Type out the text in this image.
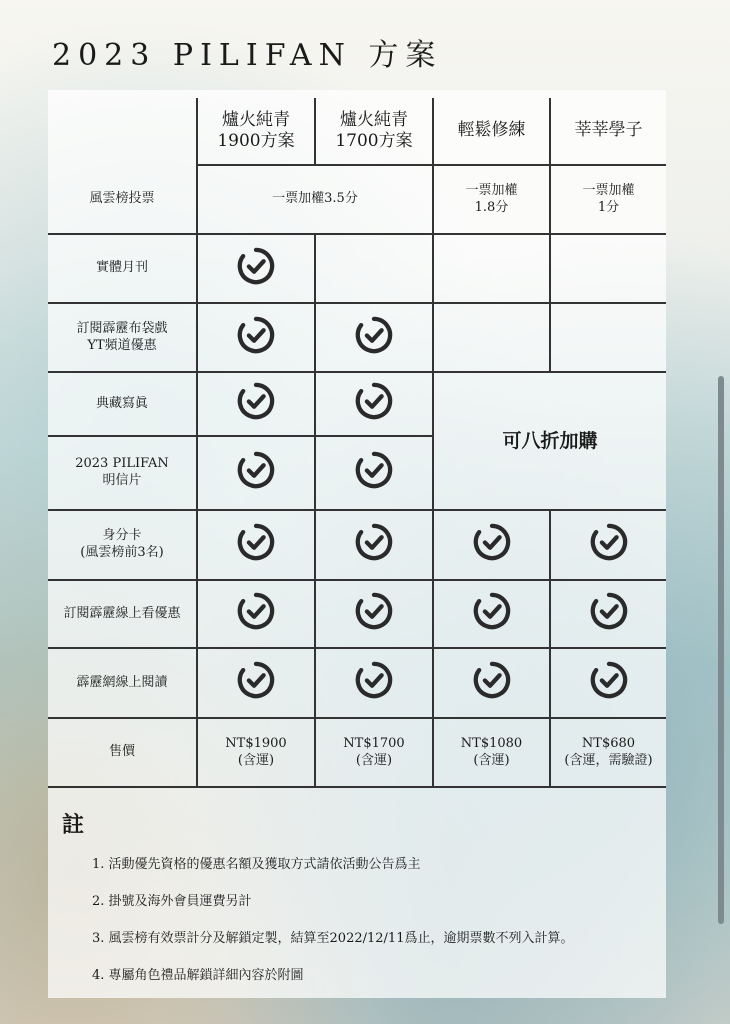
2023 PILIFAN 方案
爐火純青
1900方案
爐火純青
1700方案
輕鬆修練	莘莘學子
風雲榜投票	一票加權3.5分
一票加權
1.8分
一票加權
1分
實體月刊
訂閱霹靂布袋戲
YT頻道優惠
典藏寫眞
可八折加購
2023 PILIFAN
明信片
身分卡
(風雲榜前3名)
訂閱霹靂線上看優惠
霹靂網線上閱讀
售價
NT$1900
(含運)
NT$1700
(含運)
NT$1080
(含運)
NT$680
(含運，需驗證)
註
1. 活動優先資格的優惠名額及獲取方式請依活動公告爲主
2. 掛號及海外會員運費另計
3. 風雲榜有效票計分及解鎖定製，結算至2022/12/11爲止，逾期票數不列入計算。
4. 專屬角色禮品解鎖詳細內容於附圖
